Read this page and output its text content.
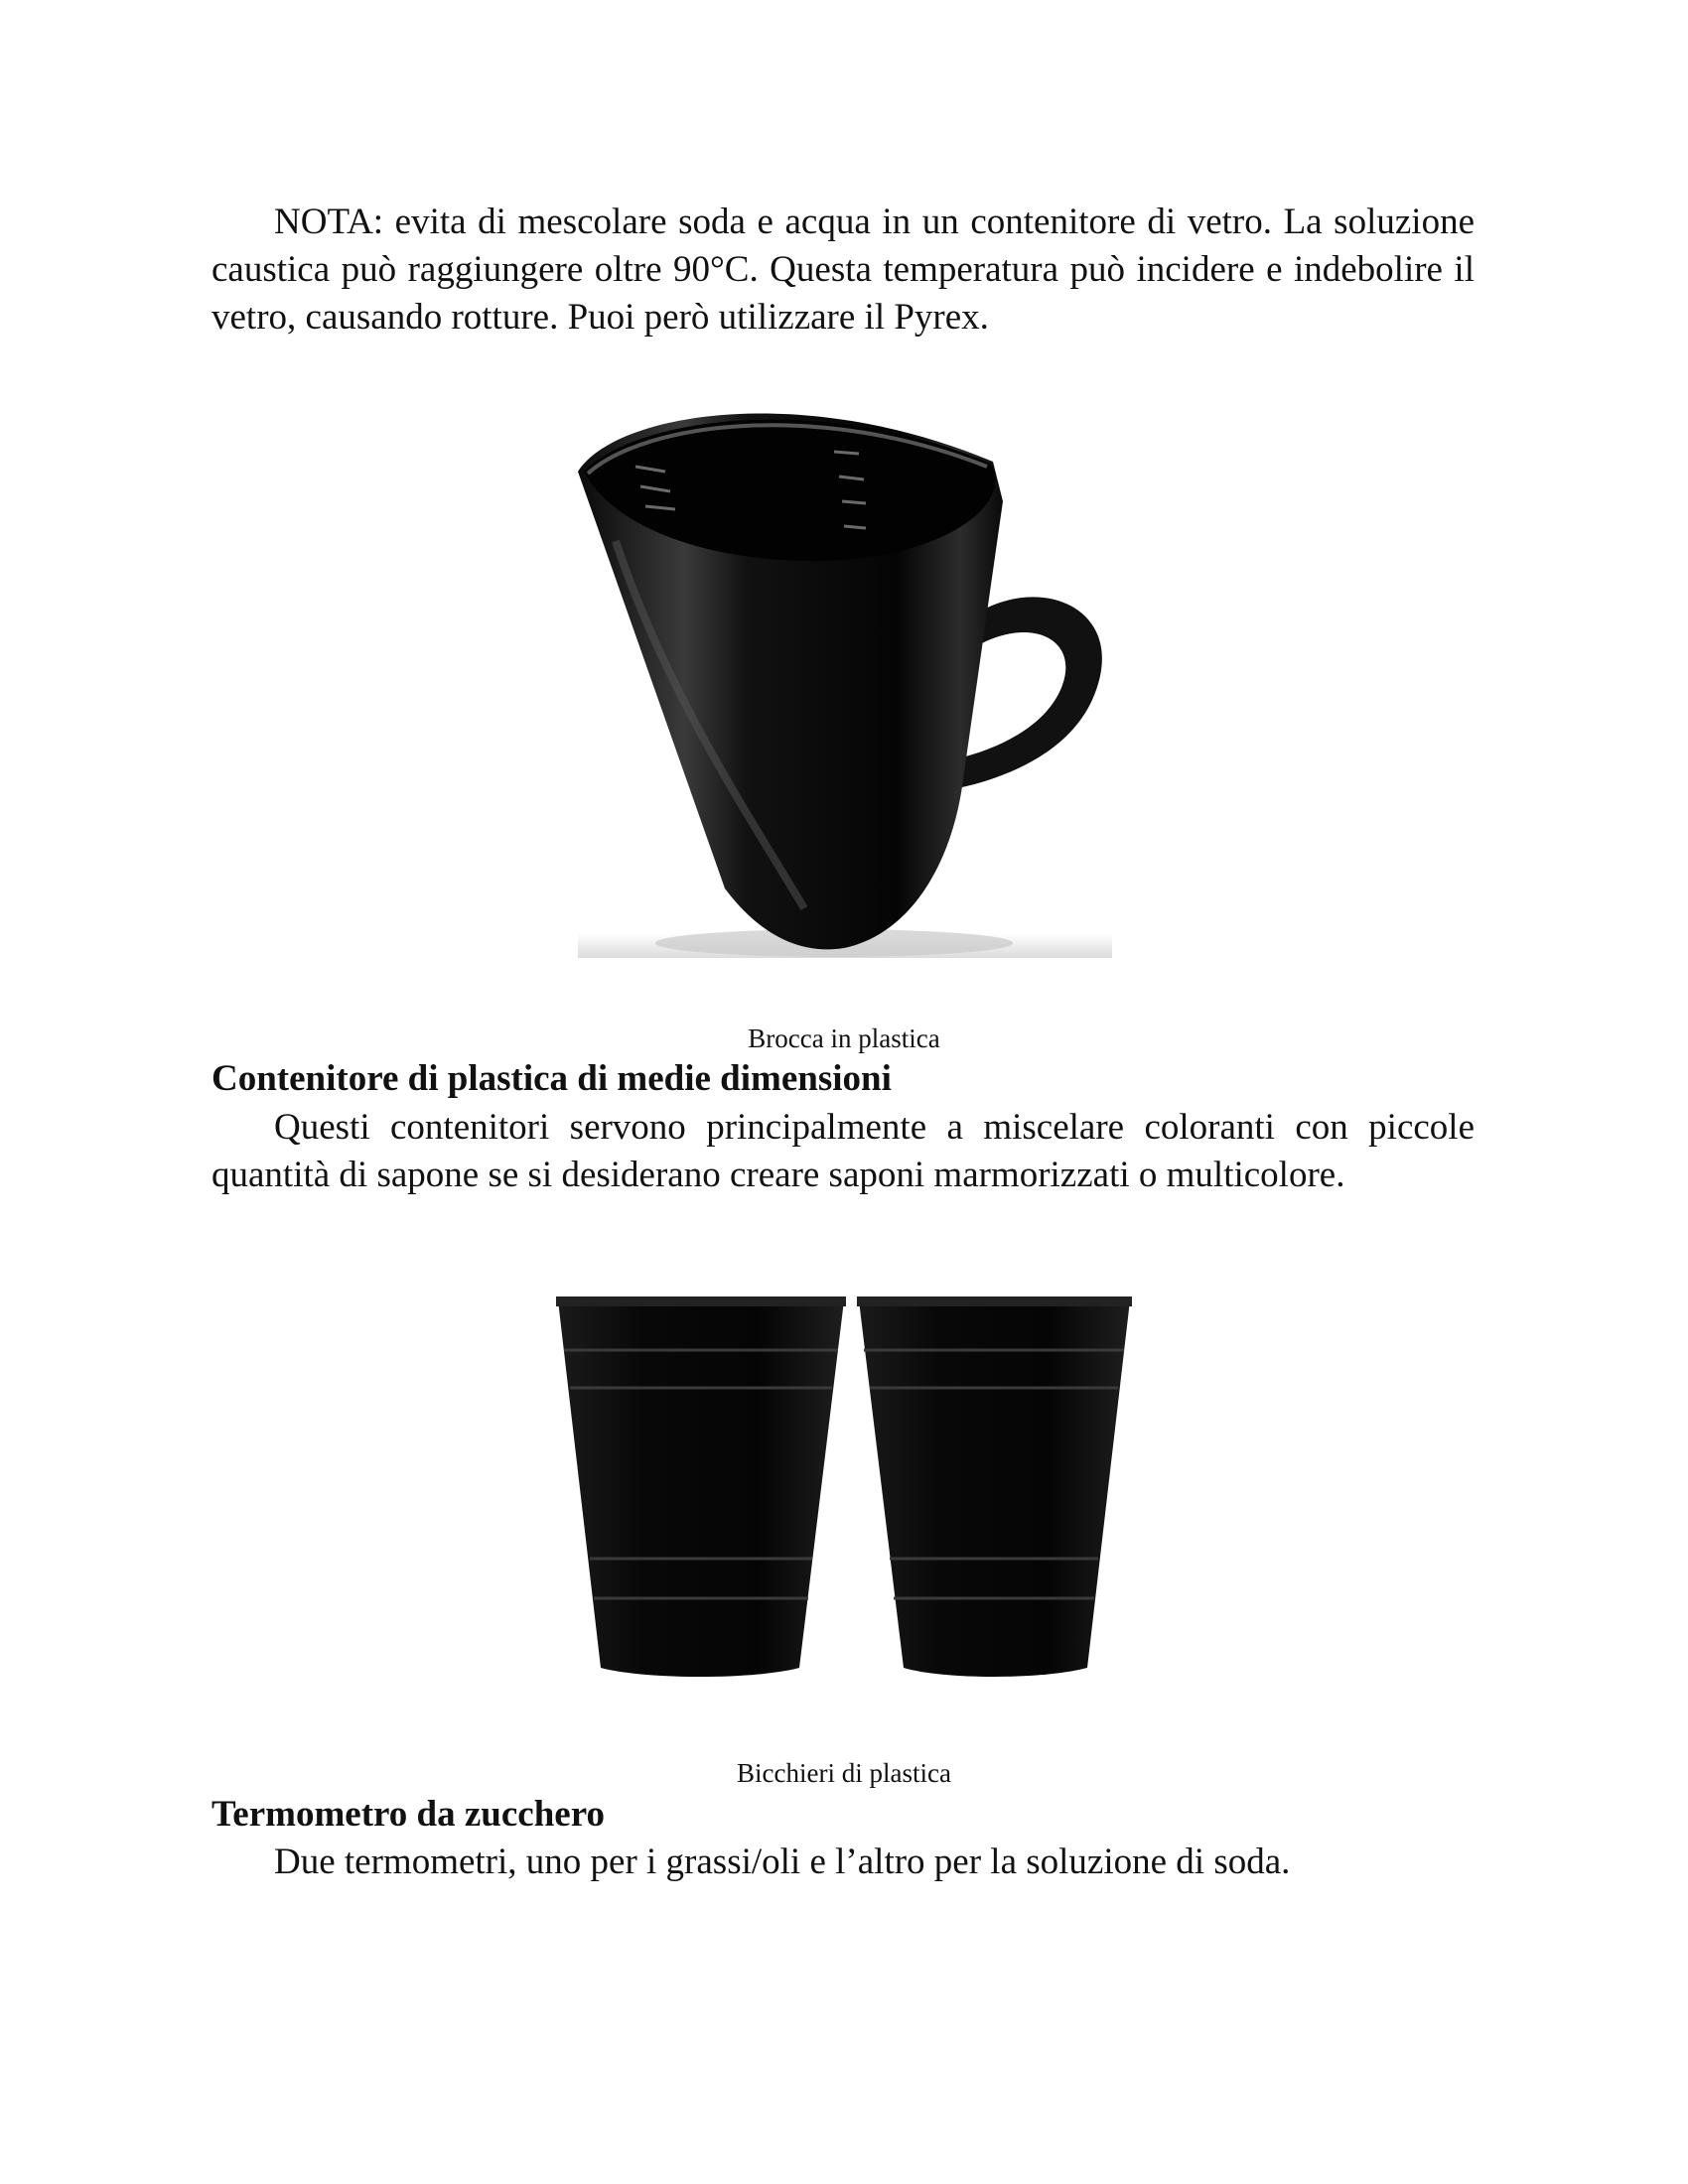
NOTA: evita di mescolare soda e acqua in un contenitore di vetro. La soluzione caustica può raggiungere oltre 90°C. Questa temperatura può incidere e indebolire il vetro, causando rotture. Puoi però utilizzare il Pyrex.

Brocca in plastica

Contenitore di plastica di medie dimensioni

Questi contenitori servono principalmente a miscelare coloranti con piccole quantità di sapone se si desiderano creare saponi marmorizzati o multicolore.

Bicchieri di plastica

Termometro da zucchero

Due termometri, uno per i grassi/oli e l’altro per la soluzione di soda.
